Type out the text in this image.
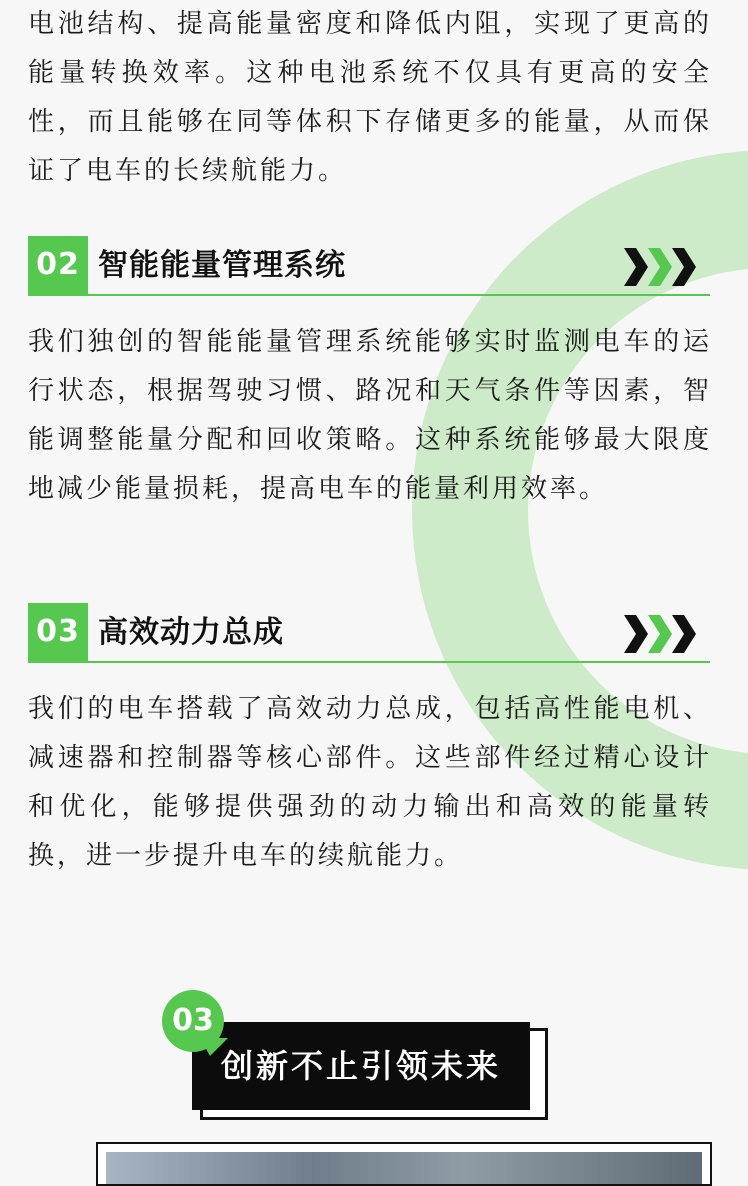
电池结构、提高能量密度和降低内阻，实现了更高的能量转换效率。这种电池系统不仅具有更高的安全性，而且能够在同等体积下存储更多的能量，从而保证了电车的长续航能力。

02 智能能量管理系统

我们独创的智能能量管理系统能够实时监测电车的运行状态，根据驾驶习惯、路况和天气条件等因素，智能调整能量分配和回收策略。这种系统能够最大限度地减少能量损耗，提高电车的能量利用效率。

03 高效动力总成

我们的电车搭载了高效动力总成，包括高性能电机、减速器和控制器等核心部件。这些部件经过精心设计和优化，能够提供强劲的动力输出和高效的能量转换，进一步提升电车的续航能力。

创新不止引领未来
03
